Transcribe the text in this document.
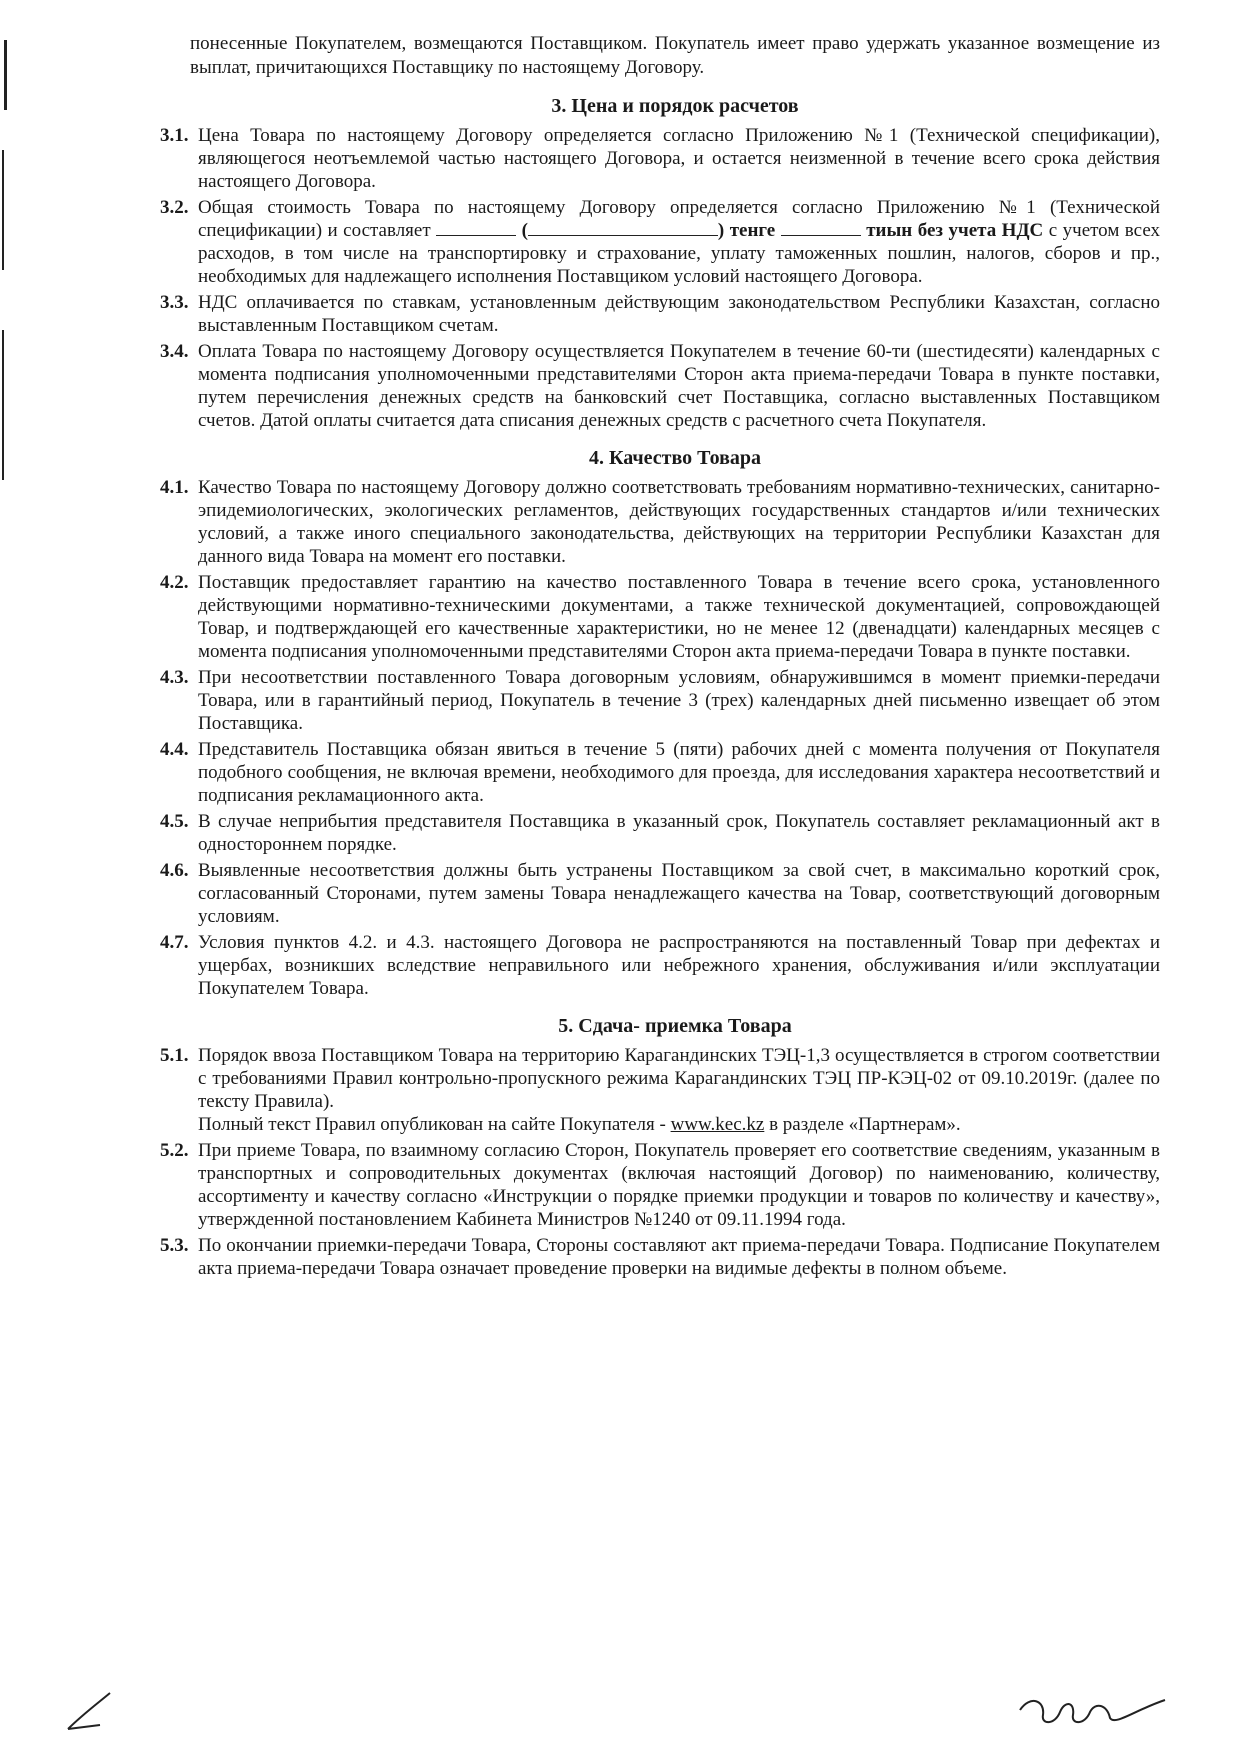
понесенные Покупателем, возмещаются Поставщиком. Покупатель имеет право удержать указанное возмещение из выплат, причитающихся Поставщику по настоящему Договору.

3. Цена и порядок расчетов
3.1. Цена Товара по настоящему Договору определяется согласно Приложению №1 (Технической спецификации), являющегося неотъемлемой частью настоящего Договора, и остается неизменной в течение всего срока действия настоящего Договора.
3.2. Общая стоимость Товара по настоящему Договору определяется согласно Приложению №1 (Технической спецификации) и составляет	(	) тенге	тиын без учета НДС с учетом всех расходов, в том числе на транспортировку и страхование, уплату таможенных пошлин, налогов, сборов и пр., необходимых для надлежащего исполнения Поставщиком условий настоящего Договора.
3.3. НДС оплачивается по ставкам, установленным действующим законодательством Республики Казахстан, согласно выставленным Поставщиком счетам.
3.4. Оплата Товара по настоящему Договору осуществляется Покупателем в течение 60-ти (шестидесяти) календарных с момента подписания уполномоченными представителями Сторон акта приема-передачи Товара в пункте поставки, путем перечисления денежных средств на банковский счет Поставщика, согласно выставленных Поставщиком счетов. Датой оплаты считается дата списания денежных средств с расчетного счета Покупателя.
4. Качество Товара
4.1. Качество Товара по настоящему Договору должно соответствовать требованиям нормативно-технических, санитарно-эпидемиологических, экологических регламентов, действующих государственных стандартов и/или технических условий, а также иного специального законодательства, действующих на территории Республики Казахстан для данного вида Товара на момент его поставки.
4.2. Поставщик предоставляет гарантию на качество поставленного Товара в течение всего срока, установленного действующими нормативно-техническими документами, а также технической документацией, сопровождающей Товар, и подтверждающей его качественные характеристики, но не менее 12 (двенадцати) календарных месяцев с момента подписания уполномоченными представителями Сторон акта приема-передачи Товара в пункте поставки.
4.3. При несоответствии поставленного Товара договорным условиям, обнаружившимся в момент приемки-передачи Товара, или в гарантийный период, Покупатель в течение 3 (трех) календарных дней письменно извещает об этом Поставщика.
4.4. Представитель Поставщика обязан явиться в течение 5 (пяти) рабочих дней с момента получения от Покупателя подобного сообщения, не включая времени, необходимого для проезда, для исследования характера несоответствий и подписания рекламационного акта.
4.5. В случае неприбытия представителя Поставщика в указанный срок, Покупатель составляет рекламационный акт в одностороннем порядке.
4.6. Выявленные несоответствия должны быть устранены Поставщиком за свой счет, в максимально короткий срок, согласованный Сторонами, путем замены Товара ненадлежащего качества на Товар, соответствующий договорным условиям.
4.7. Условия пунктов 4.2. и 4.3. настоящего Договора не распространяются на поставленный Товар при дефектах и ущербах, возникших вследствие неправильного или небрежного хранения, обслуживания и/или эксплуатации Покупателем Товара.
5. Сдача- приемка Товара
5.1. Порядок ввоза Поставщиком Товара на территорию Карагандинских ТЭЦ-1,3 осуществляется в строгом соответствии с требованиями Правил контрольно-пропускного режима Карагандинских ТЭЦ ПР-КЭЦ-02 от 09.10.2019г. (далее по тексту Правила).
Полный текст Правил опубликован на сайте Покупателя - www.kec.kz в разделе «Партнерам».
5.2. При приеме Товара, по взаимному согласию Сторон, Покупатель проверяет его соответствие сведениям, указанным в транспортных и сопроводительных документах (включая настоящий Договор) по наименованию, количеству, ассортименту и качеству согласно «Инструкции о порядке приемки продукции и товаров по количеству и качеству», утвержденной постановлением Кабинета Министров №1240 от 09.11.1994 года.
5.3. По окончании приемки-передачи Товара, Стороны составляют акт приема-передачи Товара. Подписание Покупателем акта приема-передачи Товара означает проведение проверки на видимые дефекты в полном объеме.
